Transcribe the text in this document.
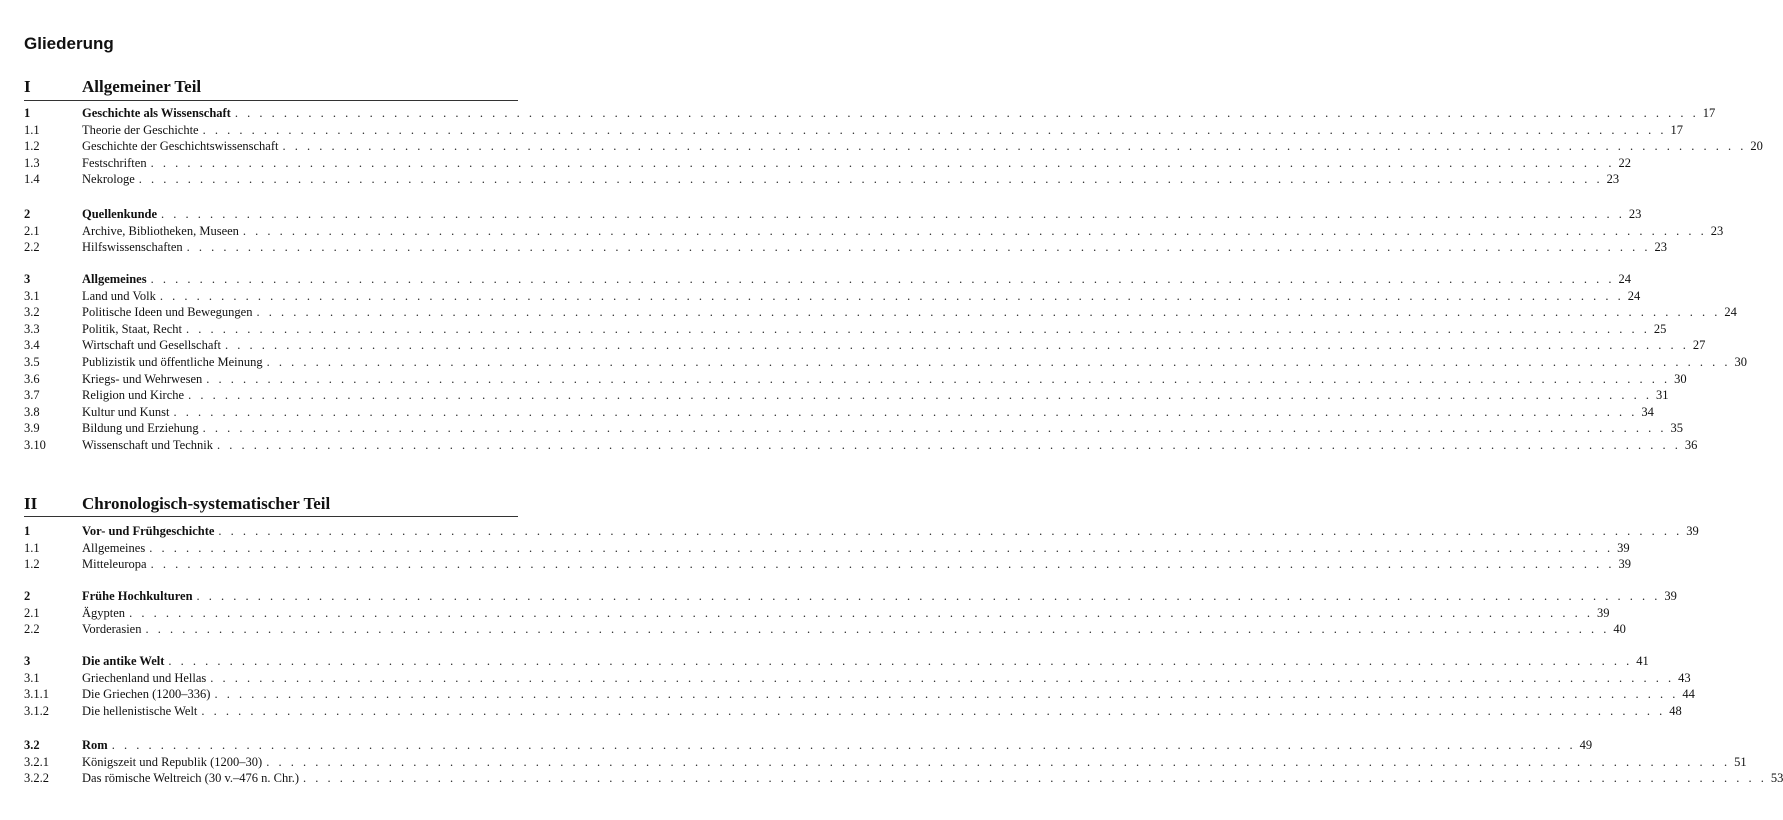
Gliederung
I	Allgemeiner Teil
1	Geschichte als Wissenschaft . . . . . . . . . . . . . . . . . . . . . . . . . . . . . . . . . . . . . . . . . . . . . . . . . . . . . . . . . . . . . . . . . . . . . . . . . . . . . . . . . . . . . . . . . . . . . . . . . . . . . . . . . . . . . . . . . . . . . . . . 17
1.1	Theorie der Geschichte . . . . . . . . . . . . . . . . . . . . . . . . . . . . . . . . . . . . . . . . . . . . . . . . . . . . . . . . . . . . . . . . . . . . . . . . . . . . . . . . . . . . . . . . . . . . . . . . . . . . . . . . . . . . . . . . . . . . . . . . 17
1.2	Geschichte der Geschichtswissenschaft . . . . . . . . . . . . . . . . . . . . . . . . . . . . . . . . . . . . . . . . . . . . . . . . . . . . . . . . . . . . . . . . . . . . . . . . . . . . . . . . . . . . . . . . . . . . . . . . . . . . . . . . . . . . . . . . . . . . . . . . 20
1.3	Festschriften . . . . . . . . . . . . . . . . . . . . . . . . . . . . . . . . . . . . . . . . . . . . . . . . . . . . . . . . . . . . . . . . . . . . . . . . . . . . . . . . . . . . . . . . . . . . . . . . . . . . . . . . . . . . . . . . . . . . . . . . 22
1.4	Nekrologe . . . . . . . . . . . . . . . . . . . . . . . . . . . . . . . . . . . . . . . . . . . . . . . . . . . . . . . . . . . . . . . . . . . . . . . . . . . . . . . . . . . . . . . . . . . . . . . . . . . . . . . . . . . . . . . . . . . . . . . . 23
2	Quellenkunde . . . . . . . . . . . . . . . . . . . . . . . . . . . . . . . . . . . . . . . . . . . . . . . . . . . . . . . . . . . . . . . . . . . . . . . . . . . . . . . . . . . . . . . . . . . . . . . . . . . . . . . . . . . . . . . . . . . . . . . . 23
2.1	Archive, Bibliotheken, Museen . . . . . . . . . . . . . . . . . . . . . . . . . . . . . . . . . . . . . . . . . . . . . . . . . . . . . . . . . . . . . . . . . . . . . . . . . . . . . . . . . . . . . . . . . . . . . . . . . . . . . . . . . . . . . . . . . . . . . . . . 23
2.2	Hilfswissenschaften . . . . . . . . . . . . . . . . . . . . . . . . . . . . . . . . . . . . . . . . . . . . . . . . . . . . . . . . . . . . . . . . . . . . . . . . . . . . . . . . . . . . . . . . . . . . . . . . . . . . . . . . . . . . . . . . . . . . . . . . 23
3	Allgemeines . . . . . . . . . . . . . . . . . . . . . . . . . . . . . . . . . . . . . . . . . . . . . . . . . . . . . . . . . . . . . . . . . . . . . . . . . . . . . . . . . . . . . . . . . . . . . . . . . . . . . . . . . . . . . . . . . . . . . . . . 24
3.1	Land und Volk . . . . . . . . . . . . . . . . . . . . . . . . . . . . . . . . . . . . . . . . . . . . . . . . . . . . . . . . . . . . . . . . . . . . . . . . . . . . . . . . . . . . . . . . . . . . . . . . . . . . . . . . . . . . . . . . . . . . . . . . 24
3.2	Politische Ideen und Bewegungen . . . . . . . . . . . . . . . . . . . . . . . . . . . . . . . . . . . . . . . . . . . . . . . . . . . . . . . . . . . . . . . . . . . . . . . . . . . . . . . . . . . . . . . . . . . . . . . . . . . . . . . . . . . . . . . . . . . . . . . . 24
3.3	Politik, Staat, Recht . . . . . . . . . . . . . . . . . . . . . . . . . . . . . . . . . . . . . . . . . . . . . . . . . . . . . . . . . . . . . . . . . . . . . . . . . . . . . . . . . . . . . . . . . . . . . . . . . . . . . . . . . . . . . . . . . . . . . . . . 25
3.4	Wirtschaft und Gesellschaft . . . . . . . . . . . . . . . . . . . . . . . . . . . . . . . . . . . . . . . . . . . . . . . . . . . . . . . . . . . . . . . . . . . . . . . . . . . . . . . . . . . . . . . . . . . . . . . . . . . . . . . . . . . . . . . . . . . . . . . . 27
3.5	Publizistik und öffentliche Meinung . . . . . . . . . . . . . . . . . . . . . . . . . . . . . . . . . . . . . . . . . . . . . . . . . . . . . . . . . . . . . . . . . . . . . . . . . . . . . . . . . . . . . . . . . . . . . . . . . . . . . . . . . . . . . . . . . . . . . . . . 30
3.6	Kriegs- und Wehrwesen . . . . . . . . . . . . . . . . . . . . . . . . . . . . . . . . . . . . . . . . . . . . . . . . . . . . . . . . . . . . . . . . . . . . . . . . . . . . . . . . . . . . . . . . . . . . . . . . . . . . . . . . . . . . . . . . . . . . . . . . 30
3.7	Religion und Kirche . . . . . . . . . . . . . . . . . . . . . . . . . . . . . . . . . . . . . . . . . . . . . . . . . . . . . . . . . . . . . . . . . . . . . . . . . . . . . . . . . . . . . . . . . . . . . . . . . . . . . . . . . . . . . . . . . . . . . . . . 31
3.8	Kultur und Kunst . . . . . . . . . . . . . . . . . . . . . . . . . . . . . . . . . . . . . . . . . . . . . . . . . . . . . . . . . . . . . . . . . . . . . . . . . . . . . . . . . . . . . . . . . . . . . . . . . . . . . . . . . . . . . . . . . . . . . . . . 34
3.9	Bildung und Erziehung . . . . . . . . . . . . . . . . . . . . . . . . . . . . . . . . . . . . . . . . . . . . . . . . . . . . . . . . . . . . . . . . . . . . . . . . . . . . . . . . . . . . . . . . . . . . . . . . . . . . . . . . . . . . . . . . . . . . . . . . 35
3.10	Wissenschaft und Technik . . . . . . . . . . . . . . . . . . . . . . . . . . . . . . . . . . . . . . . . . . . . . . . . . . . . . . . . . . . . . . . . . . . . . . . . . . . . . . . . . . . . . . . . . . . . . . . . . . . . . . . . . . . . . . . . . . . . . . . . 36
II	Chronologisch-systematischer Teil
1	Vor- und Frühgeschichte . . . . . . . . . . . . . . . . . . . . . . . . . . . . . . . . . . . . . . . . . . . . . . . . . . . . . . . . . . . . . . . . . . . . . . . . . . . . . . . . . . . . . . . . . . . . . . . . . . . . . . . . . . . . . . . . . . . . . . . . 39
1.1	Allgemeines . . . . . . . . . . . . . . . . . . . . . . . . . . . . . . . . . . . . . . . . . . . . . . . . . . . . . . . . . . . . . . . . . . . . . . . . . . . . . . . . . . . . . . . . . . . . . . . . . . . . . . . . . . . . . . . . . . . . . . . . 39
1.2	Mitteleuropa . . . . . . . . . . . . . . . . . . . . . . . . . . . . . . . . . . . . . . . . . . . . . . . . . . . . . . . . . . . . . . . . . . . . . . . . . . . . . . . . . . . . . . . . . . . . . . . . . . . . . . . . . . . . . . . . . . . . . . . . 39
2	Frühe Hochkulturen . . . . . . . . . . . . . . . . . . . . . . . . . . . . . . . . . . . . . . . . . . . . . . . . . . . . . . . . . . . . . . . . . . . . . . . . . . . . . . . . . . . . . . . . . . . . . . . . . . . . . . . . . . . . . . . . . . . . . . . . 39
2.1	Ägypten . . . . . . . . . . . . . . . . . . . . . . . . . . . . . . . . . . . . . . . . . . . . . . . . . . . . . . . . . . . . . . . . . . . . . . . . . . . . . . . . . . . . . . . . . . . . . . . . . . . . . . . . . . . . . . . . . . . . . . . . 39
2.2	Vorderasien . . . . . . . . . . . . . . . . . . . . . . . . . . . . . . . . . . . . . . . . . . . . . . . . . . . . . . . . . . . . . . . . . . . . . . . . . . . . . . . . . . . . . . . . . . . . . . . . . . . . . . . . . . . . . . . . . . . . . . . . 40
3	Die antike Welt . . . . . . . . . . . . . . . . . . . . . . . . . . . . . . . . . . . . . . . . . . . . . . . . . . . . . . . . . . . . . . . . . . . . . . . . . . . . . . . . . . . . . . . . . . . . . . . . . . . . . . . . . . . . . . . . . . . . . . . . 41
3.1	Griechenland und Hellas . . . . . . . . . . . . . . . . . . . . . . . . . . . . . . . . . . . . . . . . . . . . . . . . . . . . . . . . . . . . . . . . . . . . . . . . . . . . . . . . . . . . . . . . . . . . . . . . . . . . . . . . . . . . . . . . . . . . . . . . 43
3.1.1	Die Griechen (1200–336) . . . . . . . . . . . . . . . . . . . . . . . . . . . . . . . . . . . . . . . . . . . . . . . . . . . . . . . . . . . . . . . . . . . . . . . . . . . . . . . . . . . . . . . . . . . . . . . . . . . . . . . . . . . . . . . . . . . . . . . . 44
3.1.2	Die hellenistische Welt . . . . . . . . . . . . . . . . . . . . . . . . . . . . . . . . . . . . . . . . . . . . . . . . . . . . . . . . . . . . . . . . . . . . . . . . . . . . . . . . . . . . . . . . . . . . . . . . . . . . . . . . . . . . . . . . . . . . . . . . 48
3.2	Rom . . . . . . . . . . . . . . . . . . . . . . . . . . . . . . . . . . . . . . . . . . . . . . . . . . . . . . . . . . . . . . . . . . . . . . . . . . . . . . . . . . . . . . . . . . . . . . . . . . . . . . . . . . . . . . . . . . . . . . . . 49
3.2.1	Königszeit und Republik (1200–30) . . . . . . . . . . . . . . . . . . . . . . . . . . . . . . . . . . . . . . . . . . . . . . . . . . . . . . . . . . . . . . . . . . . . . . . . . . . . . . . . . . . . . . . . . . . . . . . . . . . . . . . . . . . . . . . . . . . . . . . . 51
3.2.2	Das römische Weltreich (30 v.–476 n. Chr.) . . . . . . . . . . . . . . . . . . . . . . . . . . . . . . . . . . . . . . . . . . . . . . . . . . . . . . . . . . . . . . . . . . . . . . . . . . . . . . . . . . . . . . . . . . . . . . . . . . . . . . . . . . . . . . . . . . . . . . . . 53
